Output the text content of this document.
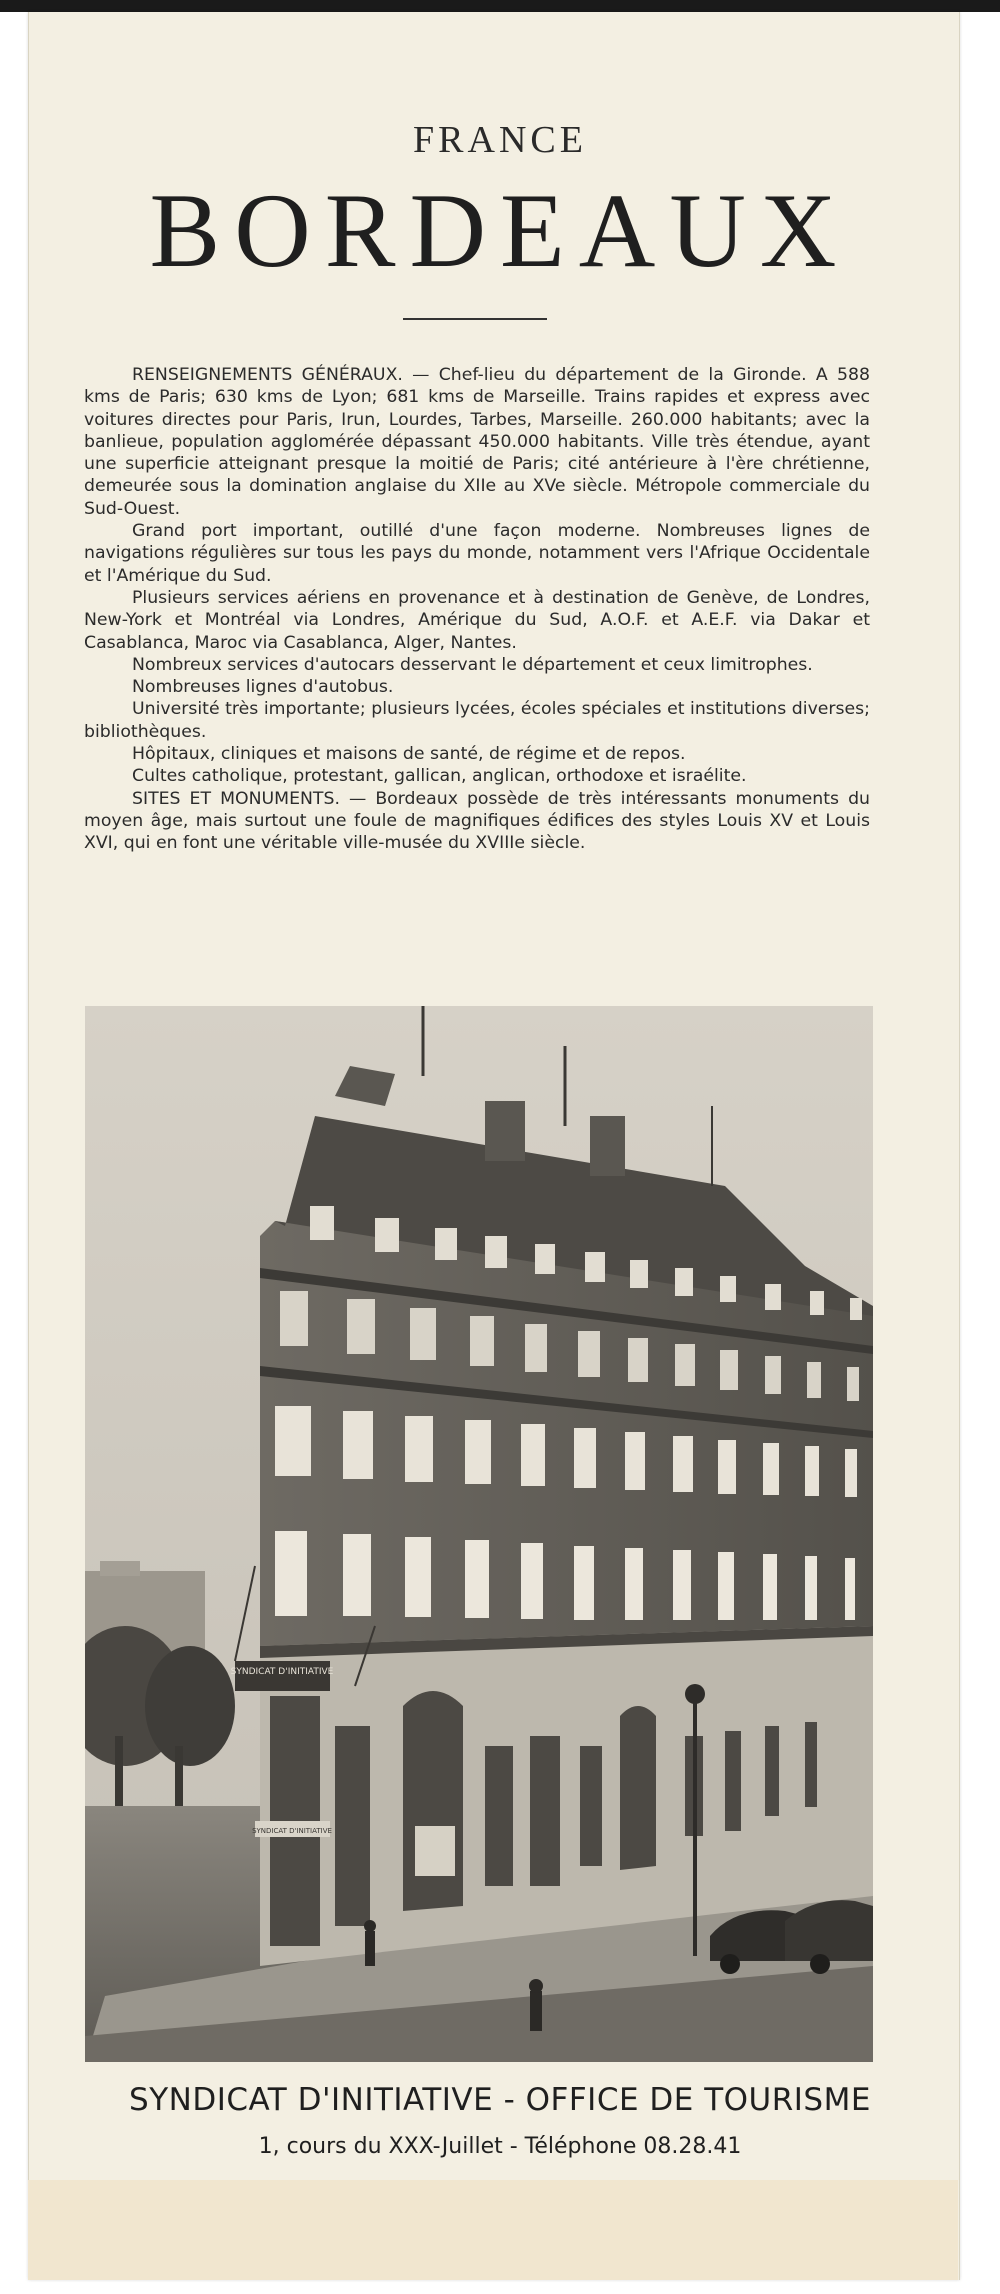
FRANCE
BORDEAUX

RENSEIGNEMENTS GÉNÉRAUX. — Chef-lieu du département de la Gironde. A 588 kms de Paris; 630 kms de Lyon; 681 kms de Marseille. Trains rapides et express avec voitures directes pour Paris, Irun, Lourdes, Tarbes, Marseille. 260.000 habitants; avec la banlieue, population agglomérée dépassant 450.000 habitants. Ville très étendue, ayant une superficie atteignant presque la moitié de Paris; cité antérieure à l'ère chrétienne, demeurée sous la domination anglaise du XIIe au XVe siècle. Métropole commerciale du Sud-Ouest.

Grand port important, outillé d'une façon moderne. Nombreuses lignes de navigations régulières sur tous les pays du monde, notamment vers l'Afrique Occidentale et l'Amérique du Sud.

Plusieurs services aériens en provenance et à destination de Genève, de Londres, New-York et Montréal via Londres, Amérique du Sud, A.O.F. et A.E.F. via Dakar et Casablanca, Maroc via Casablanca, Alger, Nantes.

Nombreux services d'autocars desservant le département et ceux limitrophes.

Nombreuses lignes d'autobus.

Université très importante; plusieurs lycées, écoles spéciales et institutions diverses; bibliothèques.

Hôpitaux, cliniques et maisons de santé, de régime et de repos.

Cultes catholique, protestant, gallican, anglican, orthodoxe et israélite.

SITES ET MONUMENTS. — Bordeaux possède de très intéressants monuments du moyen âge, mais surtout une foule de magnifiques édifices des styles Louis XV et Louis XVI, qui en font une véritable ville-musée du XVIIIe siècle.

SYNDICAT D'INITIATIVE
SYNDICAT D'INITIATIVE
SYNDICAT D'INITIATIVE - OFFICE DE TOURISME
1, cours du XXX-Juillet - Téléphone 08.28.41
